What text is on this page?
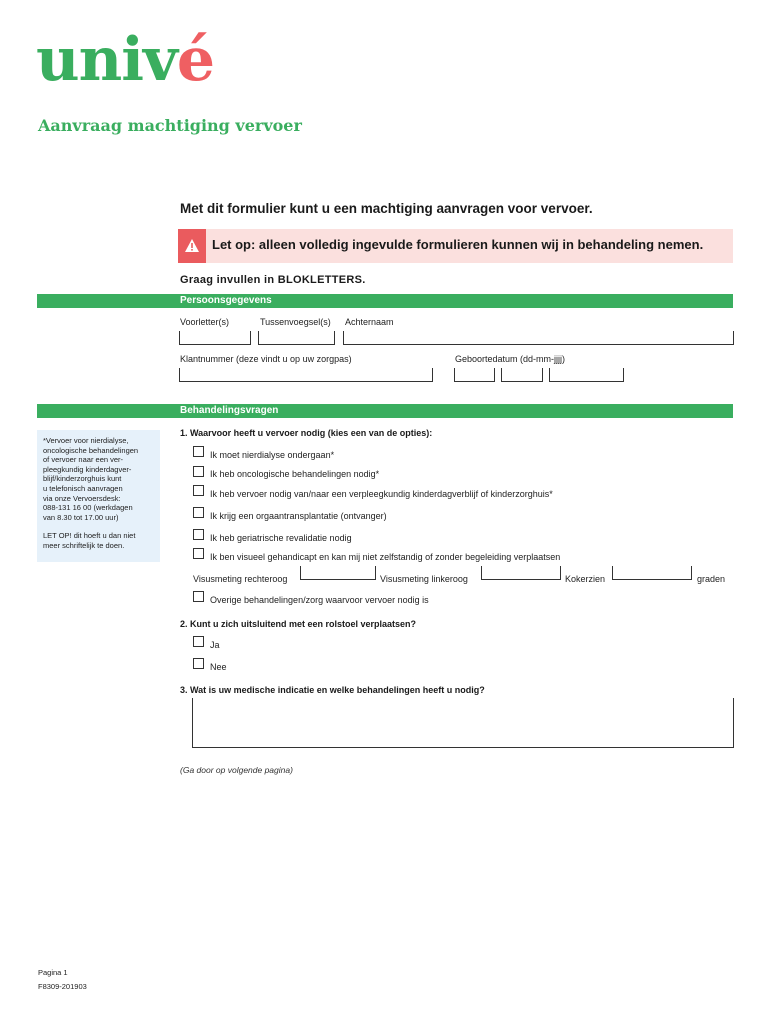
univé
Aanvraag machtiging vervoer
Met dit formulier kunt u een machtiging aanvragen voor vervoer.
Let op: alleen volledig ingevulde formulieren kunnen wij in behandeling nemen.
Graag invullen in BLOKLETTERS.
Persoonsgegevens
Voorletter(s)	Tussenvoegsel(s) Achternaam
Klantnummer (deze vindt u op uw zorgpas)	Geboortedatum (dd-mm-jjjj)
Behandelingsvragen

*Vervoer voor nierdialyse,
oncologische behandelingen
of vervoer naar een ver-
pleegkundig kinderdagver-
blijf/kinderzorghuis kunt
u telefonisch aanvragen
via onze Vervoersdesk:
088-131 16 00 (werkdagen
van 8.30 tot 17.00 uur)

LET OP! dit hoeft u dan niet
meer schriftelijk te doen.

1. Waarvoor heeft u vervoer nodig (kies een van de opties):
Ik moet nierdialyse ondergaan*
Ik heb oncologische behandelingen nodig*
Ik heb vervoer nodig van/naar een verpleegkundig kinderdagverblijf of kinderzorghuis*
Ik krijg een orgaantransplantatie (ontvanger)
Ik heb geriatrische revalidatie nodig
Ik ben visueel gehandicapt en kan mij niet zelfstandig of zonder begeleiding verplaatsen
Visusmeting rechteroog	Visusmeting linkeroog	Kokerzien	graden
Overige behandelingen/zorg waarvoor vervoer nodig is
2. Kunt u zich uitsluitend met een rolstoel verplaatsen?
Ja
Nee
3. Wat is uw medische indicatie en welke behandelingen heeft u nodig?
(Ga door op volgende pagina)
Pagina 1
F8309-201903
